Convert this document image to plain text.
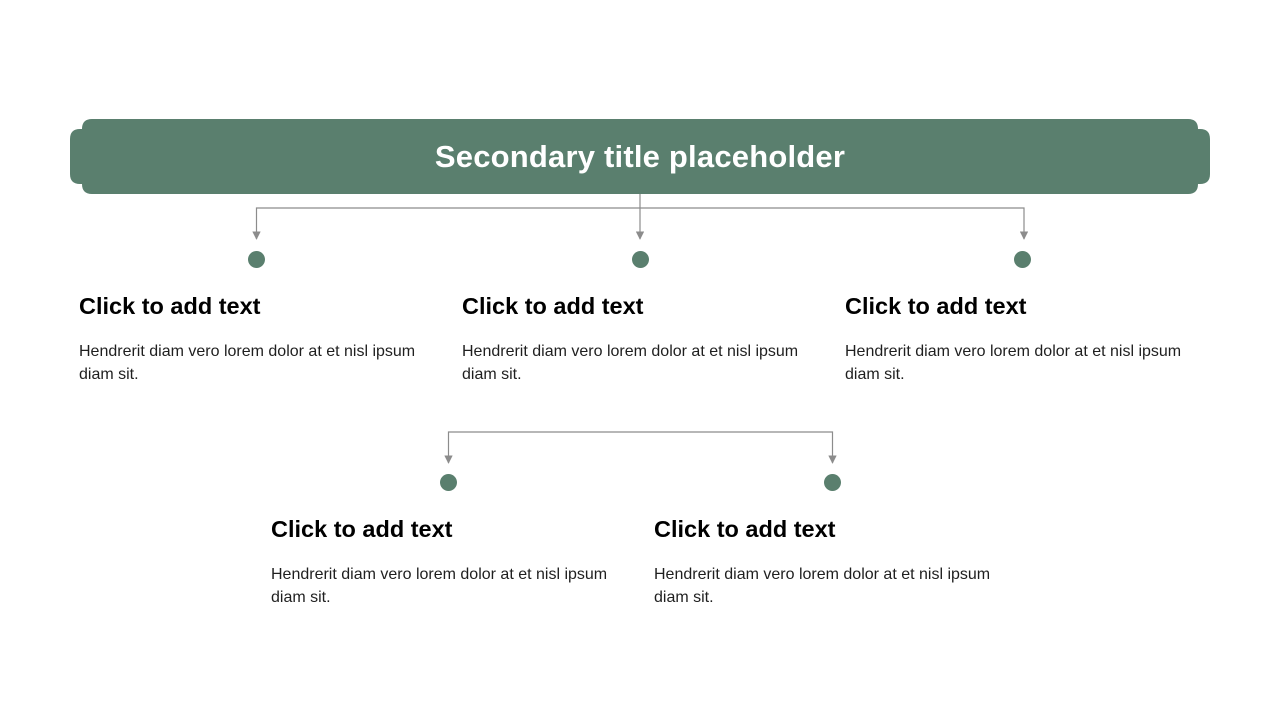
Secondary title placeholder
Click to add text
Hendrerit diam vero lorem dolor at et nisl ipsum diam sit.
Click to add text
Hendrerit diam vero lorem dolor at et nisl ipsum diam sit.
Click to add text
Hendrerit diam vero lorem dolor at et nisl ipsum diam sit.
Click to add text
Hendrerit diam vero lorem dolor at et nisl ipsum diam sit.
Click to add text
Hendrerit diam vero lorem dolor at et nisl ipsum diam sit.
